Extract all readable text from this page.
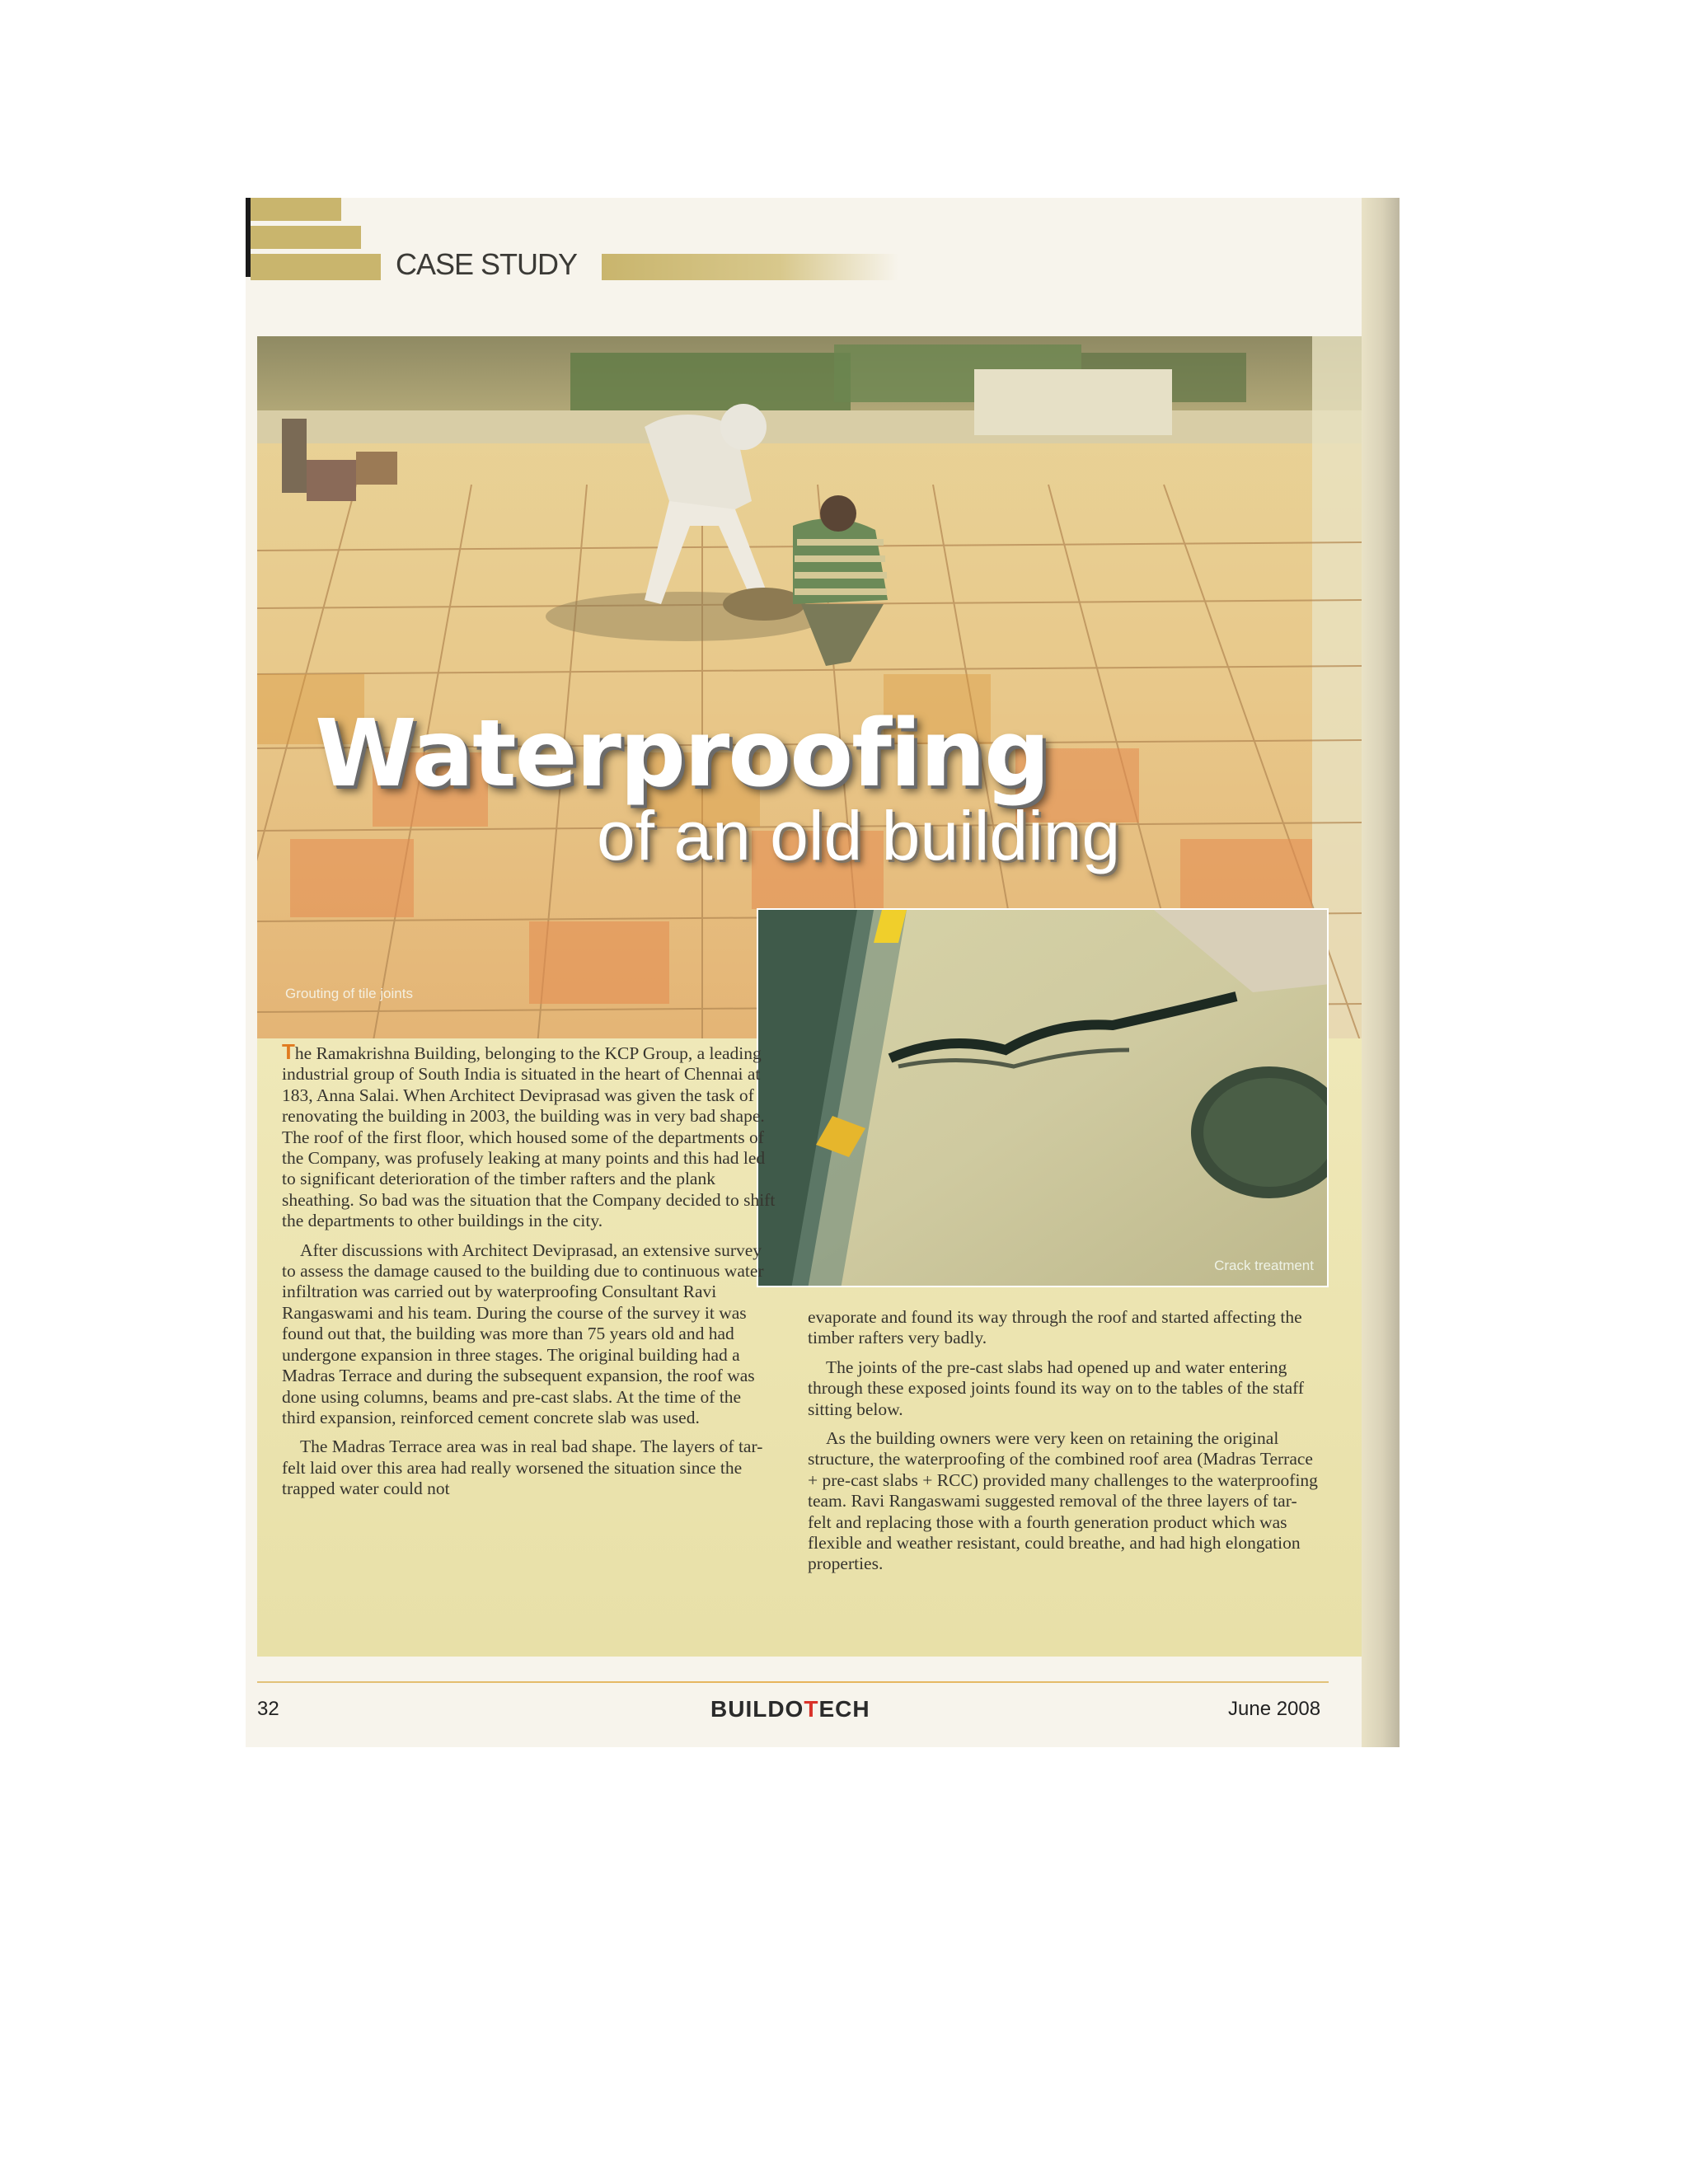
CASE STUDY
Waterproofing
of an old building
Grouting of tile joints
Crack treatment

The Ramakrishna Building, belonging to the KCP Group, a leading industrial group of South India is situated in the heart of Chennai at 183, Anna Salai. When Architect Deviprasad was given the task of renovating the building in 2003, the building was in very bad shape. The roof of the first floor, which housed some of the departments of the Company, was profusely leaking at many points and this had led to significant deterioration of the timber rafters and the plank sheathing. So bad was the situation that the Company decided to shift the departments to other buildings in the city.

After discussions with Architect Deviprasad, an extensive survey to assess the damage caused to the building due to continuous water infiltration was carried out by waterproofing Consultant Ravi Rangaswami and his team. During the course of the survey it was found out that, the building was more than 75 years old and had undergone expansion in three stages. The original building had a Madras Terrace and during the subsequent expansion, the roof was done using columns, beams and pre-cast slabs. At the time of the third expansion, reinforced cement concrete slab was used.

The Madras Terrace area was in real bad shape. The layers of tar-felt laid over this area had really worsened the situation since the trapped water could not

evaporate and found its way through the roof and started affecting the timber rafters very badly.

The joints of the pre-cast slabs had opened up and water entering through these exposed joints found its way on to the tables of the staff sitting below.

As the building owners were very keen on retaining the original structure, the waterproofing of the combined roof area (Madras Terrace + pre-cast slabs + RCC) provided many challenges to the waterproofing team. Ravi Rangaswami suggested removal of the three layers of tar-felt and replacing those with a fourth generation product which was flexible and weather resistant, could breathe, and had high elongation properties.

32	BUILDOTECH	June 2008
